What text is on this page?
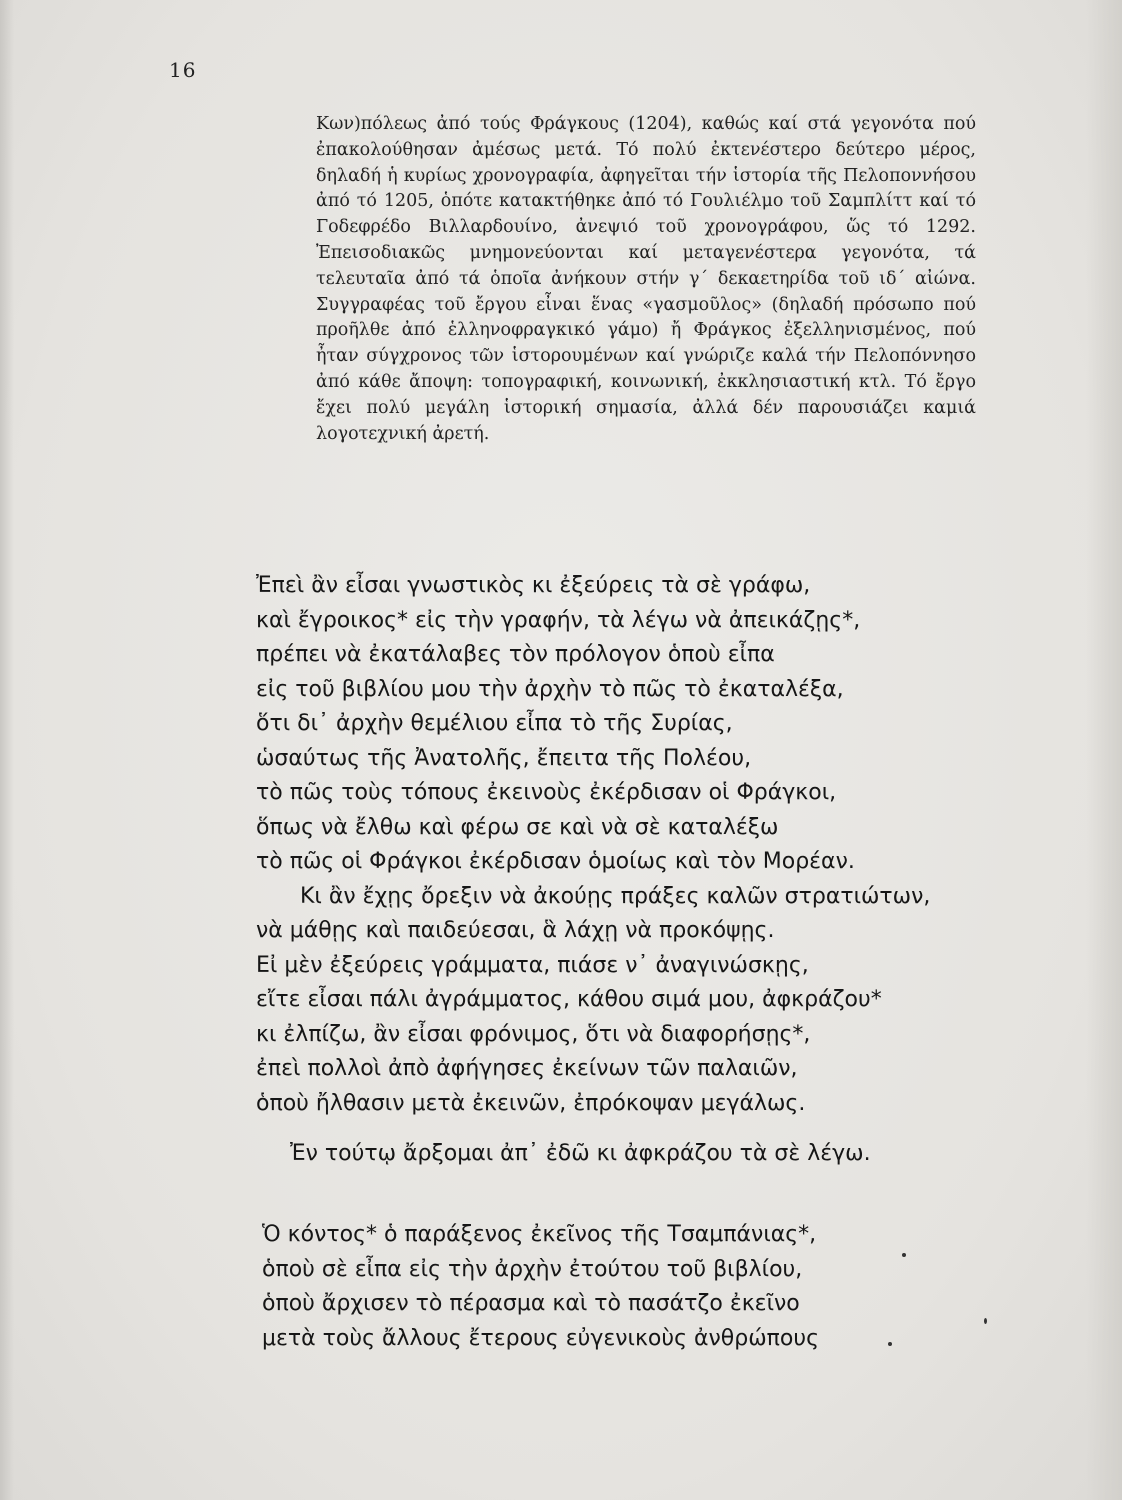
16

Κων)πόλεως ἀπό τούς Φράγκους (1204), καθώς καί στά γεγονότα πού ἐπακολούθησαν ἀμέσως μετά. Τό πολύ ἐκτενέστερο δεύτερο μέρος, δηλαδή ἡ κυρίως χρονογραφία, ἀφηγεῖται τήν ἱστορία τῆς Πελοποννήσου ἀπό τό 1205, ὁπότε κατακτήθηκε ἀπό τό Γουλιέλμο τοῦ Σαμπλίττ καί τό Γοδεφρέδο Βιλλαρδουίνο, ἀνεψιό τοῦ χρονογράφου, ὥς τό 1292. Ἐπεισοδιακῶς μνημονεύονται καί μεταγενέστερα γεγονότα, τά τελευταῖα ἀπό τά ὁποῖα ἀνήκουν στήν γ΄ δεκαετηρίδα τοῦ ιδ΄ αἰώνα. Συγγραφέας τοῦ ἔργου εἶναι ἕνας «γασμοῦλος» (δηλαδή πρόσωπο πού προῆλθε ἀπό ἑλληνοφραγκικό γάμο) ἤ Φράγκος ἐξελληνισμένος, πού ἦταν σύγχρονος τῶν ἱστορουμένων καί γνώριζε καλά τήν Πελοπόννησο ἀπό κάθε ἄποψη: τοπογραφική, κοινωνική, ἐκκλησιαστική κτλ. Τό ἔργο ἔχει πολύ μεγάλη ἱστορική σημασία, ἀλλά δέν παρουσιάζει καμιά λογοτεχνική ἀρετή.

Ἐπεὶ ἂν εἶσαι γνωστικὸς κι ἐξεύρεις τὰ σὲ γράφω,
καὶ ἔγροικος* εἰς τὴν γραφήν, τὰ λέγω νὰ ἀπεικάζῃς*,
πρέπει νὰ ἐκατάλαβες τὸν πρόλογον ὁποὺ εἶπα
εἰς τοῦ βιβλίου μου τὴν ἀρχὴν τὸ πῶς τὸ ἐκαταλέξα,
ὅτι δι᾽ ἀρχὴν θεμέλιου εἶπα τὸ τῆς Συρίας,
ὡσαύτως τῆς Ἀνατολῆς, ἔπειτα τῆς Πολέου,
τὸ πῶς τοὺς τόπους ἐκεινοὺς ἐκέρδισαν οἱ Φράγκοι,
ὅπως νὰ ἔλθω καὶ φέρω σε καὶ νὰ σὲ καταλέξω
τὸ πῶς οἱ Φράγκοι ἐκέρδισαν ὁμοίως καὶ τὸν Μορέαν.
Κι ἂν ἔχῃς ὄρεξιν νὰ ἀκούῃς πράξες καλῶν στρατιώτων,
νὰ μάθῃς καὶ παιδεύεσαι, ἃ λάχῃ νὰ προκόψῃς.
Εἰ μὲν ἐξεύρεις γράμματα, πιάσε ν᾽ ἀναγινώσκῃς,
εἴτε εἶσαι πάλι ἀγράμματος, κάθου σιμά μου, ἀφκράζου*
κι ἐλπίζω, ἂν εἶσαι φρόνιμος, ὅτι νὰ διαφορήσῃς*,
ἐπεὶ πολλοὶ ἀπὸ ἀφήγησες ἐκείνων τῶν παλαιῶν,
ὁποὺ ἤλθασιν μετὰ ἐκεινῶν, ἐπρόκοψαν μεγάλως.
Ἐν τούτῳ ἄρξομαι ἀπ᾽ ἐδῶ κι ἀφκράζου τὰ σὲ λέγω.
Ὁ κόντος* ὁ παράξενος ἐκεῖνος τῆς Τσαμπάνιας*,
ὁποὺ σὲ εἶπα εἰς τὴν ἀρχὴν ἐτούτου τοῦ βιβλίου,
ὁποὺ ἄρχισεν τὸ πέρασμα καὶ τὸ πασάτζο ἐκεῖνο
μετὰ τοὺς ἄλλους ἔτερους εὐγενικοὺς ἀνθρώπους
